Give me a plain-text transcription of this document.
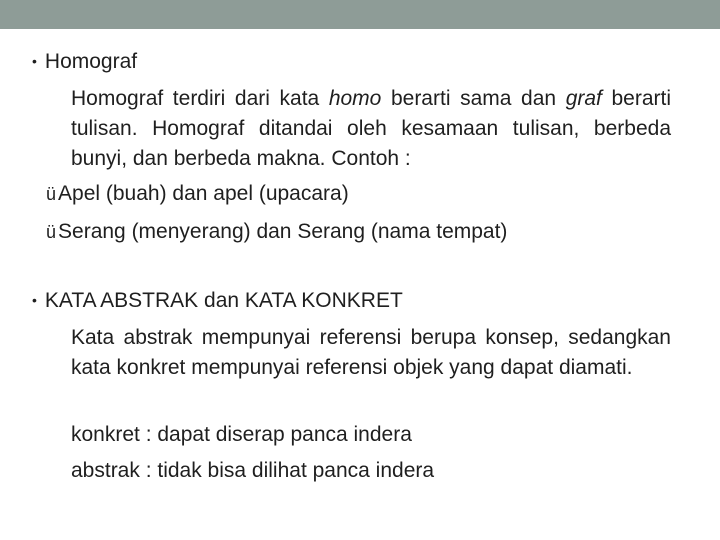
• Homograf
Homograf terdiri dari kata homo berarti sama dan graf berarti tulisan. Homograf ditandai oleh kesamaan tulisan, berbeda bunyi, dan berbeda makna. Contoh :
üApel (buah) dan apel (upacara)
üSerang (menyerang) dan Serang (nama tempat)
• KATA ABSTRAK dan KATA KONKRET
Kata abstrak mempunyai referensi berupa konsep, sedangkan kata konkret mempunyai referensi objek yang dapat diamati.
konkret : dapat diserap panca indera
abstrak : tidak bisa dilihat panca indera
